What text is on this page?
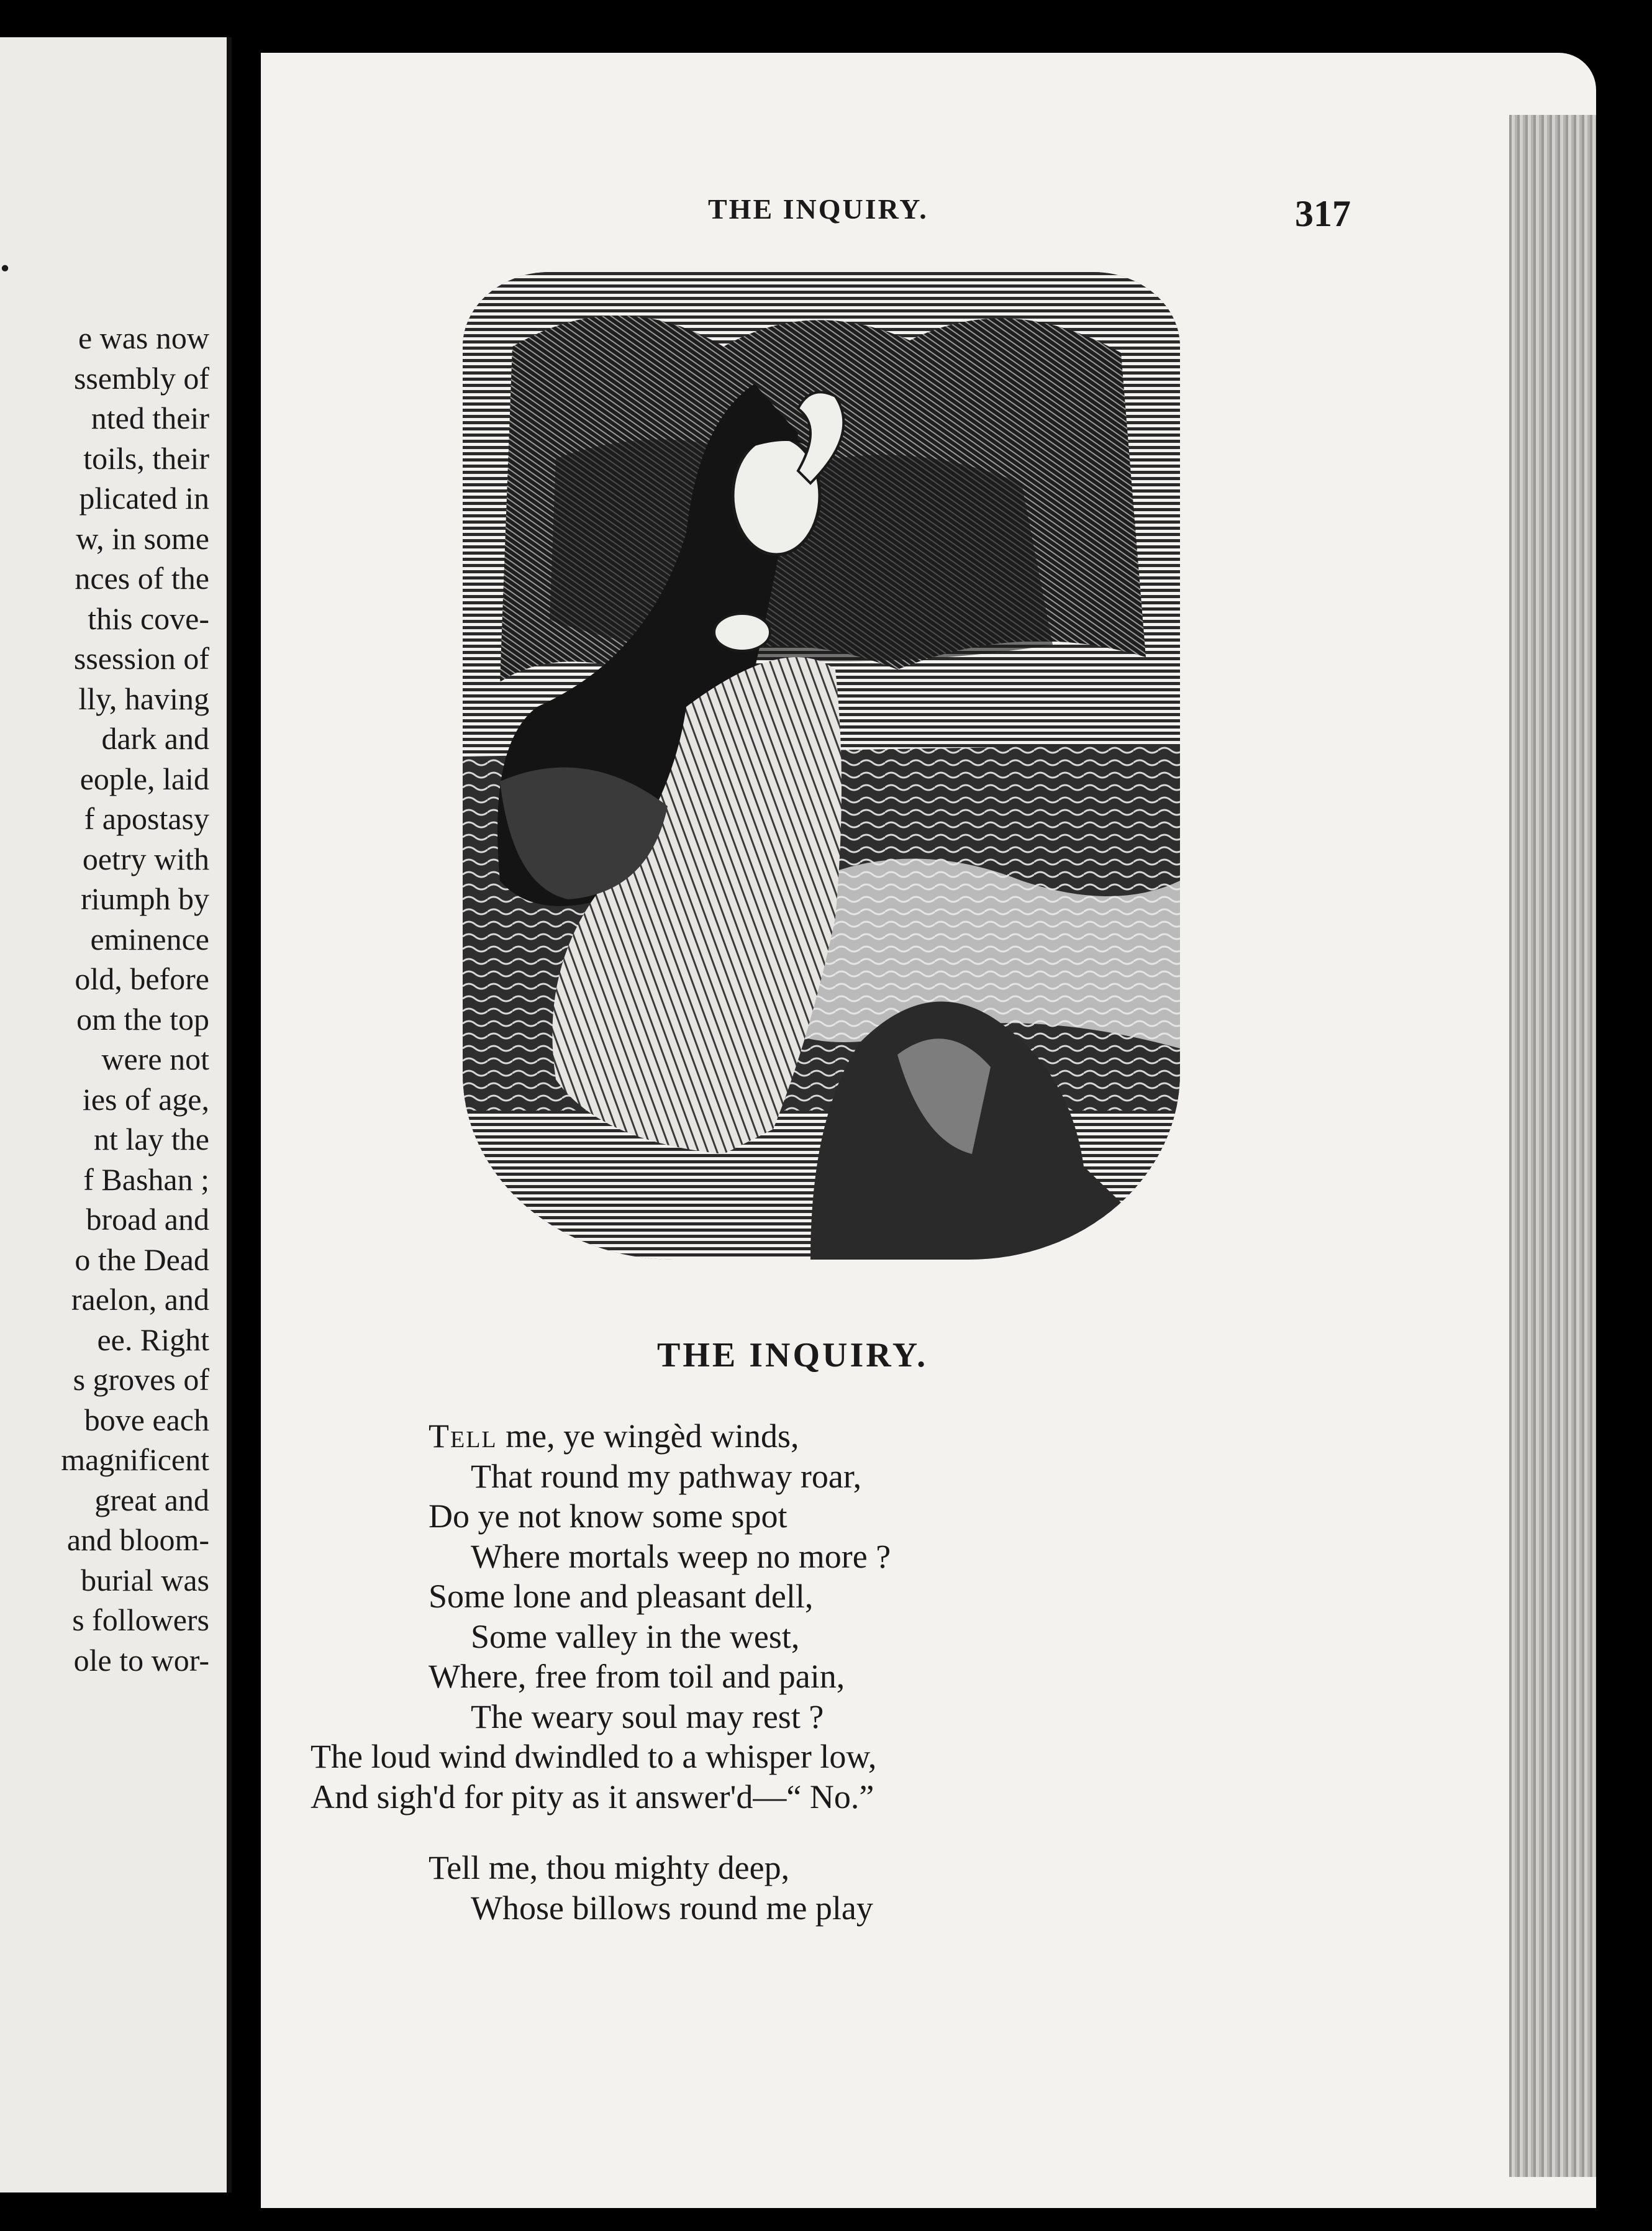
.
e was now
ssembly of
nted their
toils, their
plicated in
w, in some
nces of the
this cove-
ssession of
lly, having
dark and
eople, laid
f apostasy
oetry with
riumph by
eminence
old, before
om the top
were not
ies of age,
nt lay the
f Bashan ;
broad and
o the Dead
raelon, and
ee. Right
s groves of
bove each
magnificent
great and
and bloom-
burial was
s followers
ole to wor-
THE INQUIRY.	317
THE INQUIRY.
Tell me, ye wingèd winds,
That round my pathway roar,
Do ye not know some spot
Where mortals weep no more ?
Some lone and pleasant dell,
Some valley in the west,
Where, free from toil and pain,
The weary soul may rest ?
The loud wind dwindled to a whisper low,
And sigh'd for pity as it answer'd—“ No.”
Tell me, thou mighty deep,
Whose billows round me play
